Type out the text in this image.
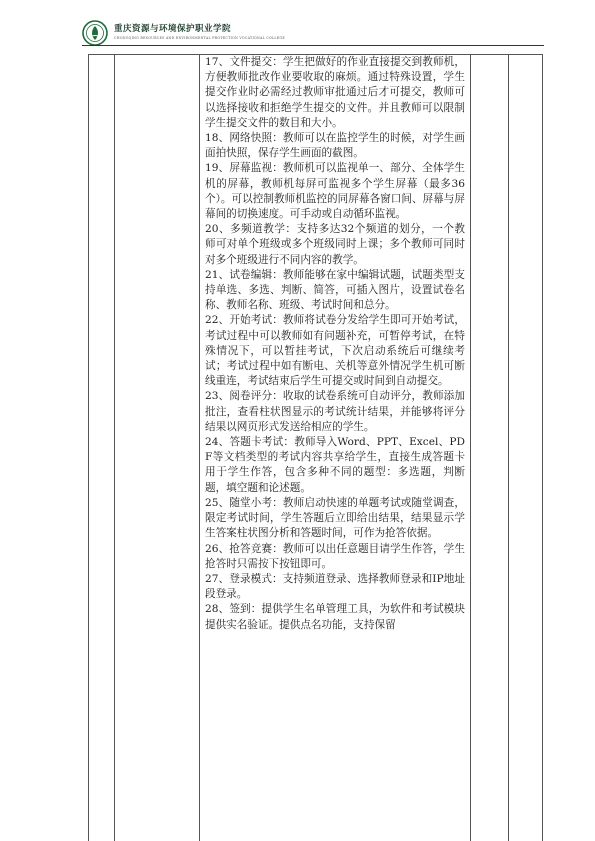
重庆资源与环境保护职业学院
CHONGQING RESOURCES AND ENVIRONMENTAL PROTECTION VOCATIONAL COLLEGE

17、文件提交：学生把做好的作业直接提交到教师机，方便教师批改作业要收取的麻烦。通过特殊设置，学生提交作业时必需经过教师审批通过后才可提交，教师可以选择接收和拒绝学生提交的文件。并且教师可以限制学生提交文件的数目和大小。

18、网络快照：教师可以在监控学生的时候，对学生画面拍快照，保存学生画面的截图。

19、屏幕监视：教师机可以监视单一、部分、全体学生机的屏幕，教师机每屏可监视多个学生屏幕（最多36个）。可以控制教师机监控的同屏幕各窗口间、屏幕与屏幕间的切换速度。可手动或自动循环监视。

20、多频道教学：支持多达32个频道的划分，一个教师可对单个班级或多个班级同时上课；多个教师可同时对多个班级进行不同内容的教学。

21、试卷编辑：教师能够在家中编辑试题，试题类型支持单选、多选、判断、简答，可插入图片，设置试卷名称、教师名称、班级、考试时间和总分。

22、开始考试：教师将试卷分发给学生即可开始考试，考试过程中可以教师如有问题补充，可暂停考试，在特殊情况下，可以暂挂考试，下次启动系统后可继续考试；考试过程中如有断电、关机等意外情况学生机可断线重连，考试结束后学生可提交或时间到自动提交。

23、阅卷评分：收取的试卷系统可自动评分，教师添加批注，查看柱状图显示的考试统计结果，并能够将评分结果以网页形式发送给相应的学生。

24、答题卡考试：教师导入Word、PPT、Excel、PDF等文档类型的考试内容共享给学生，直接生成答题卡用于学生作答，包含多种不同的题型：多选题，判断题，填空题和论述题。

25、随堂小考：教师启动快速的单题考试或随堂调查，限定考试时间，学生答题后立即给出结果，结果显示学生答案柱状图分析和答题时间，可作为抢答依据。

26、抢答竞赛：教师可以出任意题目请学生作答，学生抢答时只需按下按钮即可。

27、登录模式：支持频道登录、选择教师登录和IP地址段登录。

28、签到：提供学生名单管理工具，为软件和考试模块提供实名验证。提供点名功能，支持保留
